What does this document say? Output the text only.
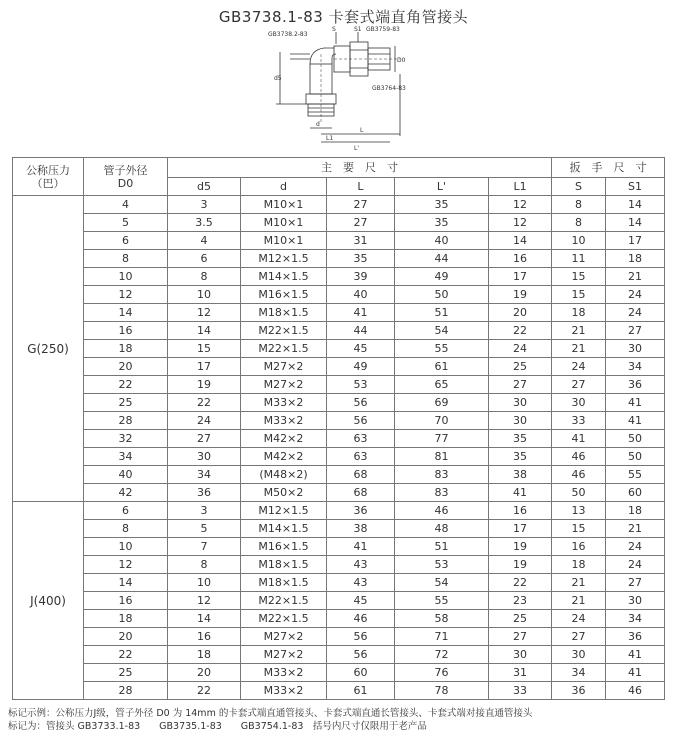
GB3738.1-83 卡套式端直角管接头
GB3738.2-83
S	S1 GB3759-83
D0
d5
GB3764-83
d
L
L1
L'
公称压力
（巴）	管子外径
D0	主　要　尺　寸					扳　手　尺　寸	
		d5	d	L	L'	L1	S	S1
G(250)	4	3	M10×1	27	35	12	8	14
	5	3.5	M10×1	27	35	12	8	14
	6	4	M10×1	31	40	14	10	17
	8	6	M12×1.5	35	44	16	11	18
	10	8	M14×1.5	39	49	17	15	21
	12	10	M16×1.5	40	50	19	15	24
	14	12	M18×1.5	41	51	20	18	24
	16	14	M22×1.5	44	54	22	21	27
	18	15	M22×1.5	45	55	24	21	30
	20	17	M27×2	49	61	25	24	34
	22	19	M27×2	53	65	27	27	36
	25	22	M33×2	56	69	30	30	41
	28	24	M33×2	56	70	30	33	41
	32	27	M42×2	63	77	35	41	50
	34	30	M42×2	63	81	35	46	50
	40	34	(M48×2)	68	83	38	46	55
	42	36	M50×2	68	83	41	50	60
J(400)	6	3	M12×1.5	36	46	16	13	18
	8	5	M14×1.5	38	48	17	15	21
	10	7	M16×1.5	41	51	19	16	24
	12	8	M18×1.5	43	53	19	18	24
	14	10	M18×1.5	43	54	22	21	27
	16	12	M22×1.5	45	55	23	21	30
	18	14	M22×1.5	46	58	25	24	34
	20	16	M27×2	56	71	27	27	36
	22	18	M27×2	56	72	30	30	41
	25	20	M33×2	60	76	31	34	41
	28	22	M33×2	61	78	33	36	46
标记示例：公称压力J级，管子外径 D0 为 14mm 的卡套式端直通管接头、卡套式端直通长管接头、卡套式端对接直通管接头
标记为：管接头 GB3733.1-83　　GB3735.1-83　　GB3754.1-83　括号内尺寸仅限用于老产品
